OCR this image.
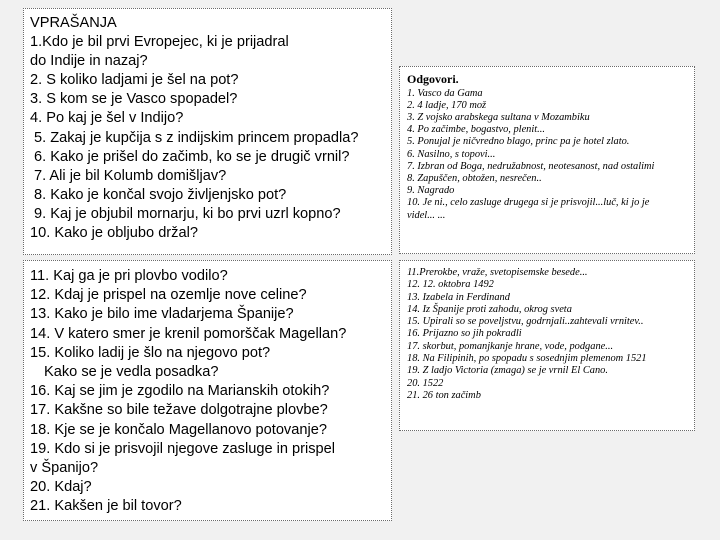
VPRAŠANJA
1.Kdo je bil prvi Evropejec, ki je prijadral
do Indije in nazaj?
2. S koliko ladjami je šel na pot?
3. S kom se je Vasco spopadel?
4. Po kaj je šel v Indijo?
5. Zakaj je kupčija s z indijskim princem propadla?
6. Kako je prišel do začimb, ko se je drugič vrnil?
7. Ali je bil Kolumb domišljav?
8. Kako je končal svojo življenjsko pot?
9. Kaj je objubil mornarju, ki bo prvi uzrl kopno?
10. Kako je obljubo držal?
Odgovori.
1. Vasco da Gama
2. 4 ladje, 170 mož
3. Z vojsko arabskega sultana v Mozambiku
4. Po začimbe, bogastvo, plenit...
5. Ponujal je ničvredno blago, princ pa je hotel zlato.
6. Nasilno, s topovi...
7. Izbran od Boga, nedružabnost, neotesanost, nad ostalimi
8. Zapuščen, obtožen, nesrečen..
9. Nagrado
10. Je ni., celo zasluge drugega si je prisvojil...luč, ki jo je
videl... ...
11. Kaj ga je pri plovbo vodilo?
12. Kdaj je prispel na ozemlje nove celine?
13. Kako je bilo ime vladarjema Španije?
14. V katero smer je krenil pomorščak Magellan?
15. Koliko ladij je šlo na njegovo pot?
Kako se je vedla posadka?
16. Kaj se jim je zgodilo na Marianskih otokih?
17. Kakšne so bile težave dolgotrajne plovbe?
18. Kje se je končalo Magellanovo potovanje?
19. Kdo si je prisvojil njegove zasluge in prispel
v Španijo?
20. Kdaj?
21. Kakšen je bil tovor?
11.Prerokbe, vraže, svetopisemske besede...
12. 12. oktobra 1492
13. Izabela in Ferdinand
14. Iz Španije proti zahodu, okrog sveta
15. Upirali so se poveljstvu, godrnjali..zahtevali vrnitev..
16. Prijazno so jih pokradli
17. skorbut, pomanjkanje hrane, vode, podgane...
18. Na Filipinih, po spopadu s sosednjim plemenom 1521
19. Z ladjo Victoria (zmaga) se je vrnil El Cano.
20. 1522
21. 26 ton začimb
